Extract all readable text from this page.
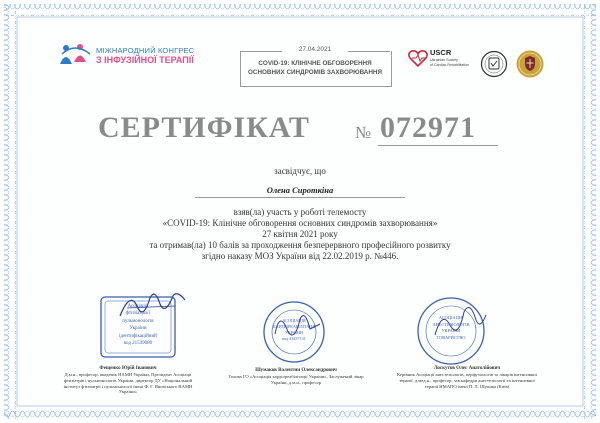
МІЖНАРОДНИЙ КОНГРЕС
З ІНФУЗІЙНОЇ ТЕРАПІЇ
27.04.2021
COVID-19: КЛІНІЧНЕ ОБГОВОРЕННЯ
ОСНОВНИХ СИНДРОМІВ ЗАХВОРЮВАННЯ
USCR
Ukrainian Society
of Cardiac Rehabilitation
СЕРТИФІКАТ	№ 072971
засвідчує, що
Олена Сироткіна
взяв(ла) участь у роботі телемосту
«COVID-19: Клінічне обговорення основних синдромів захворювання»
27 квітня 2021 року
та отримав(ла) 10 балів за проходження безперервного професійного розвитку
згідно наказу МОЗ України від 22.02.2019 р. №446.
Асоціація
фтизіатрів і
пульмонологів
України
ідентифікаційний
код 21539080
АСОЦІАЦІЯ
КАРДІОРЕАБІЛІТАЦІЇ
УКРАЇНИ
код 43437131
АСОЦІАЦІЯ
АНЕСТЕЗІОЛОГІВ
УКРАЇНИ
ТОВАРИСТВО
Фещенко Юрій Іванович
Д.м.н., професор, академік НАМН України, Президент Асоціації фтизіатрів і пульмонологів України, директор ДУ «Національний інститут фтизіатрії і пульмонології імені Ф. Г. Яновського НАМН України»
Шумаков Валентин Олександрович
Голова ГО «Асоціація кардіореабілітації України», Заслужений лікар України, д.м.н., професор
Лоскутов Олег Анатолійович
Керівник Асоціації анестезіологів, перфузіологів та лікарів інтенсивної терапії, д.мед.н., професор, зав.кафедри анестезіології та інтенсивної терапії НМАПО імені П. Л. Шупика (Київ)
